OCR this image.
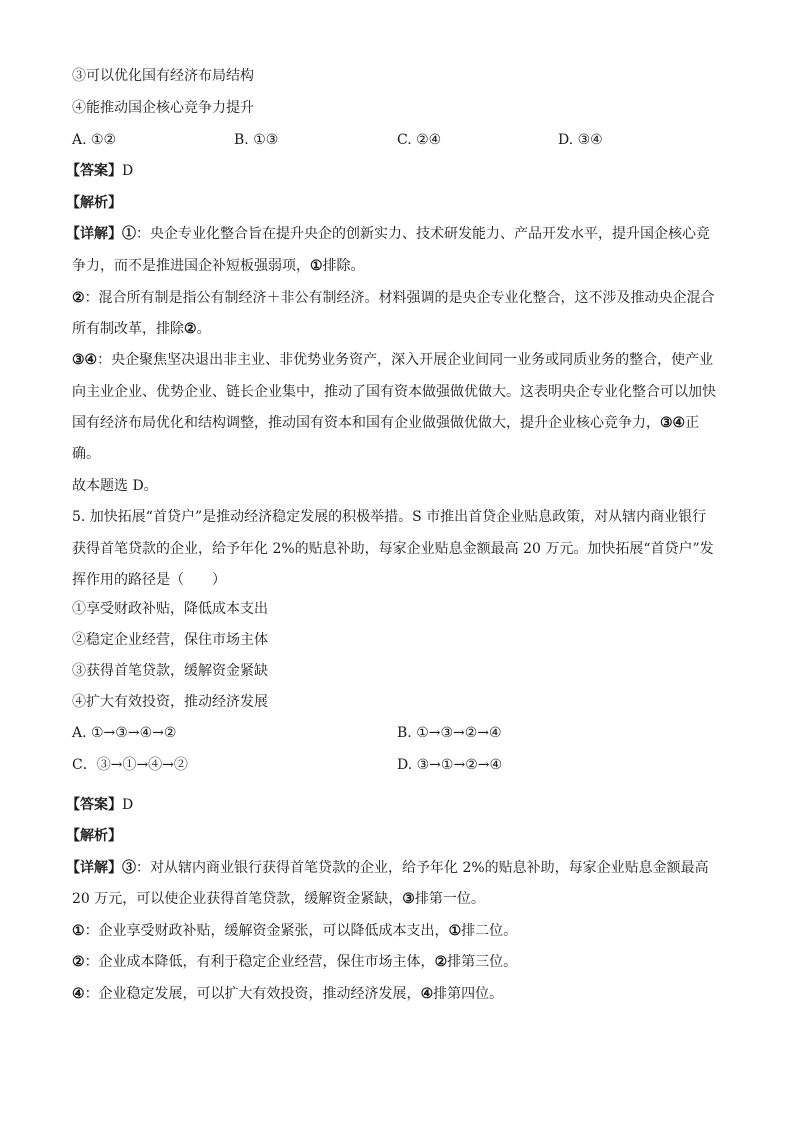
③可以优化国有经济布局结构
④能推动国企核心竞争力提升
A. ①②	B. ①③	C. ②④	D. ③④
【答案】D
【解析】
【详解】①：央企专业化整合旨在提升央企的创新实力、技术研发能力、产品开发水平，提升国企核心竞
争力，而不是推进国企补短板强弱项，①排除。
②：混合所有制是指公有制经济＋非公有制经济。材料强调的是央企专业化整合，这不涉及推动央企混合
所有制改革，排除②。
③④：央企聚焦坚决退出非主业、非优势业务资产，深入开展企业间同一业务或同质业务的整合，使产业
向主业企业、优势企业、链长企业集中，推动了国有资本做强做优做大。这表明央企专业化整合可以加快
国有经济布局优化和结构调整，推动国有资本和国有企业做强做优做大，提升企业核心竞争力，③④正
确。
故本题选 D。
5. 加快拓展“首贷户”是推动经济稳定发展的积极举措。S 市推出首贷企业贴息政策，对从辖内商业银行
获得首笔贷款的企业，给予年化 2%的贴息补助，每家企业贴息金额最高 20 万元。加快拓展“首贷户”发
挥作用的路径是（　　）
①享受财政补贴，降低成本支出
②稳定企业经营，保住市场主体
③获得首笔贷款，缓解资金紧缺
④扩大有效投资，推动经济发展
A. ①→③→④→②	B. ①→③→②→④
C．③→①→④→②	D. ③→①→②→④
【答案】D
【解析】
【详解】③：对从辖内商业银行获得首笔贷款的企业，给予年化 2%的贴息补助，每家企业贴息金额最高
20 万元，可以使企业获得首笔贷款，缓解资金紧缺，③排第一位。
①：企业享受财政补贴，缓解资金紧张，可以降低成本支出，①排二位。
②：企业成本降低，有利于稳定企业经营，保住市场主体，②排第三位。
④：企业稳定发展，可以扩大有效投资，推动经济发展，④排第四位。
